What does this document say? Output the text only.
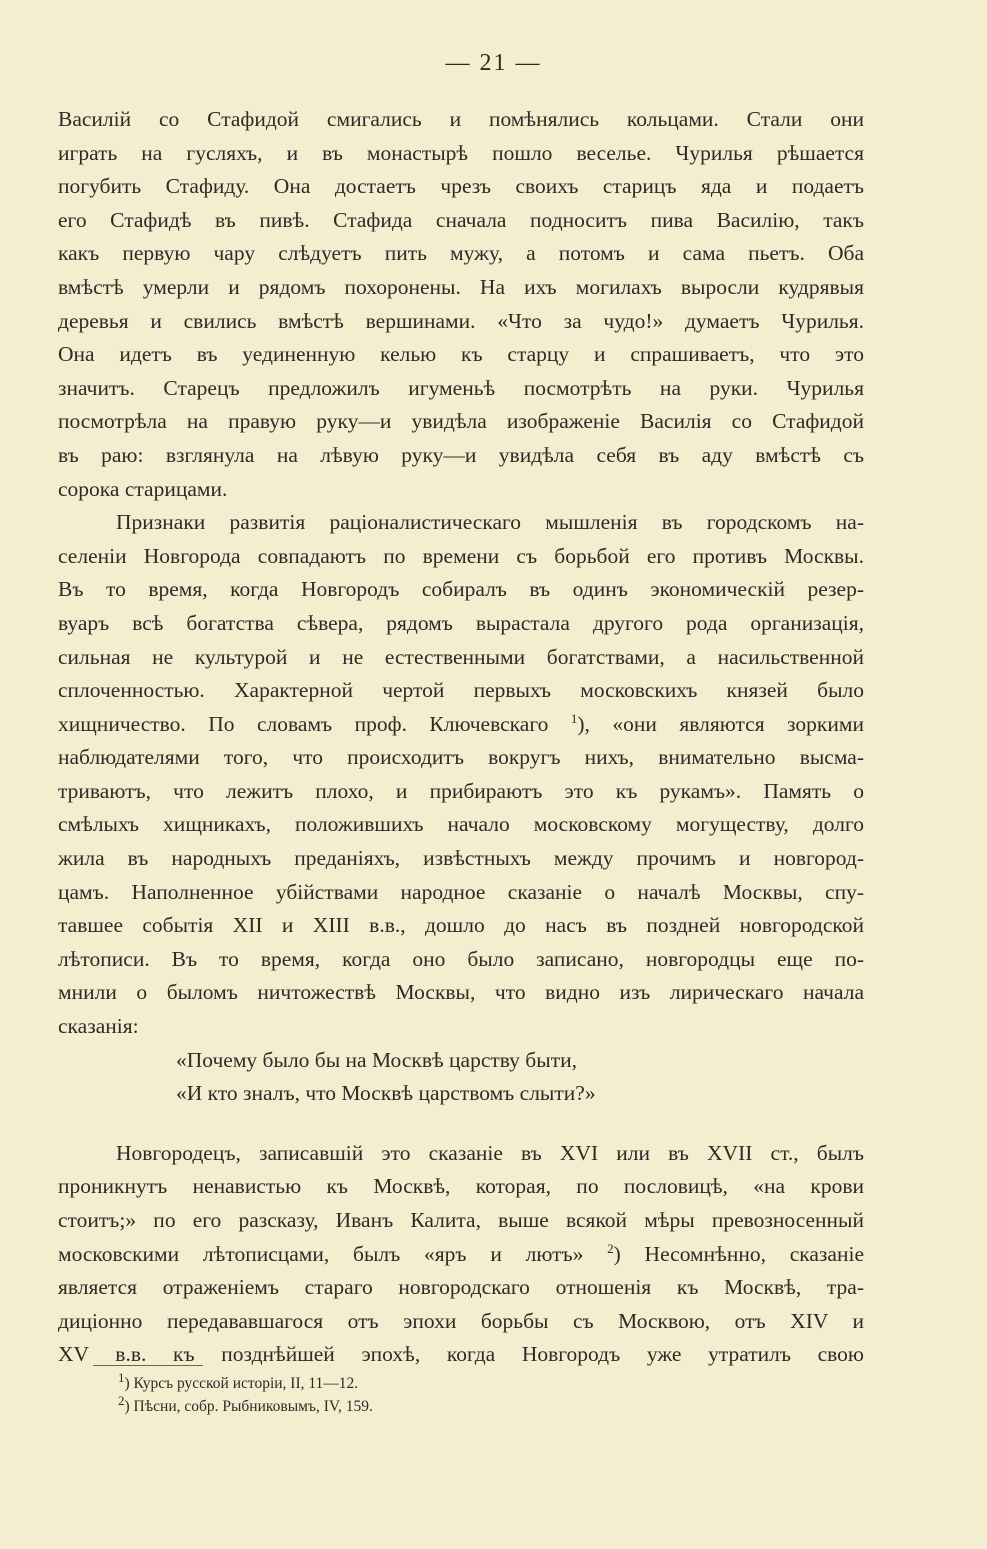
— 21 —
Василій со Стафидой смигались и помѣнялись кольцами. Стали они
играть на гусляхъ, и въ монастырѣ пошло веселье. Чурилья рѣшается
погубить Стафиду. Она достаетъ чрезъ своихъ старицъ яда и подаетъ
его Стафидѣ въ пивѣ. Стафида сначала подноситъ пива Василію, такъ
какъ первую чару слѣдуетъ пить мужу, а потомъ и сама пьетъ. Оба
вмѣстѣ умерли и рядомъ похоронены. На ихъ могилахъ выросли кудрявыя
деревья и свились вмѣстѣ вершинами. «Что за чудо!» думаетъ Чурилья.
Она идетъ въ уединенную келью къ старцу и спрашиваетъ, что это
значитъ. Старецъ предложилъ игуменьѣ посмотрѣть на руки. Чурилья
посмотрѣла на правую руку—и увидѣла изображеніе Василія со Стафидой
въ раю: взглянула на лѣвую руку—и увидѣла себя въ аду вмѣстѣ съ
сорока старицами.
Признаки развитія раціоналистическаго мышленія въ городскомъ на-
селеніи Новгорода совпадаютъ по времени съ борьбой его противъ Москвы.
Въ то время, когда Новгородъ собиралъ въ одинъ экономическій резер-
вуаръ всѣ богатства сѣвера, рядомъ вырастала другого рода организація,
сильная не культурой и не естественными богатствами, а насильственной
сплоченностью. Характерной чертой первыхъ московскихъ князей было
хищничество. По словамъ проф. Ключевскаго $^1$), «они являются зоркими
наблюдателями того, что происходитъ вокругъ нихъ, внимательно высма-
триваютъ, что лежитъ плохо, и прибираютъ это къ рукамъ». Память о
смѣлыхъ хищникахъ, положившихъ начало московскому могуществу, долго
жила въ народныхъ преданіяхъ, извѣстныхъ между прочимъ и новгород-
цамъ. Наполненное убійствами народное сказаніе о началѣ Москвы, спу-
тавшее событія XII и XIII в.в., дошло до насъ въ поздней новгородской
лѣтописи. Въ то время, когда оно было записано, новгородцы еще по-
мнили о быломъ ничтожествѣ Москвы, что видно изъ лирическаго начала
сказанія:
«Почему было бы на Москвѣ царству быти,
«И кто зналъ, что Москвѣ царствомъ слыти?»
Новгородецъ, записавшій это сказаніе въ XVI или въ XVII ст., былъ
проникнутъ ненавистью къ Москвѣ, которая, по пословицѣ, «на крови
стоитъ;» по его разсказу, Иванъ Калита, выше всякой мѣры превозносенный
московскими лѣтописцами, былъ «яръ и лютъ» $^2$) Несомнѣнно, сказаніе
является отраженіемъ стараго новгородскаго отношенія къ Москвѣ, тра-
диціонно передававшагося отъ эпохи борьбы съ Москвою, отъ XIV и
XV в.в. къ позднѣйшей эпохѣ, когда Новгородъ уже утратилъ свою
$^1$) Курсъ русской исторіи, II, 11—12.
$^2$) Пѣсни, собр. Рыбниковымъ, IV, 159.
